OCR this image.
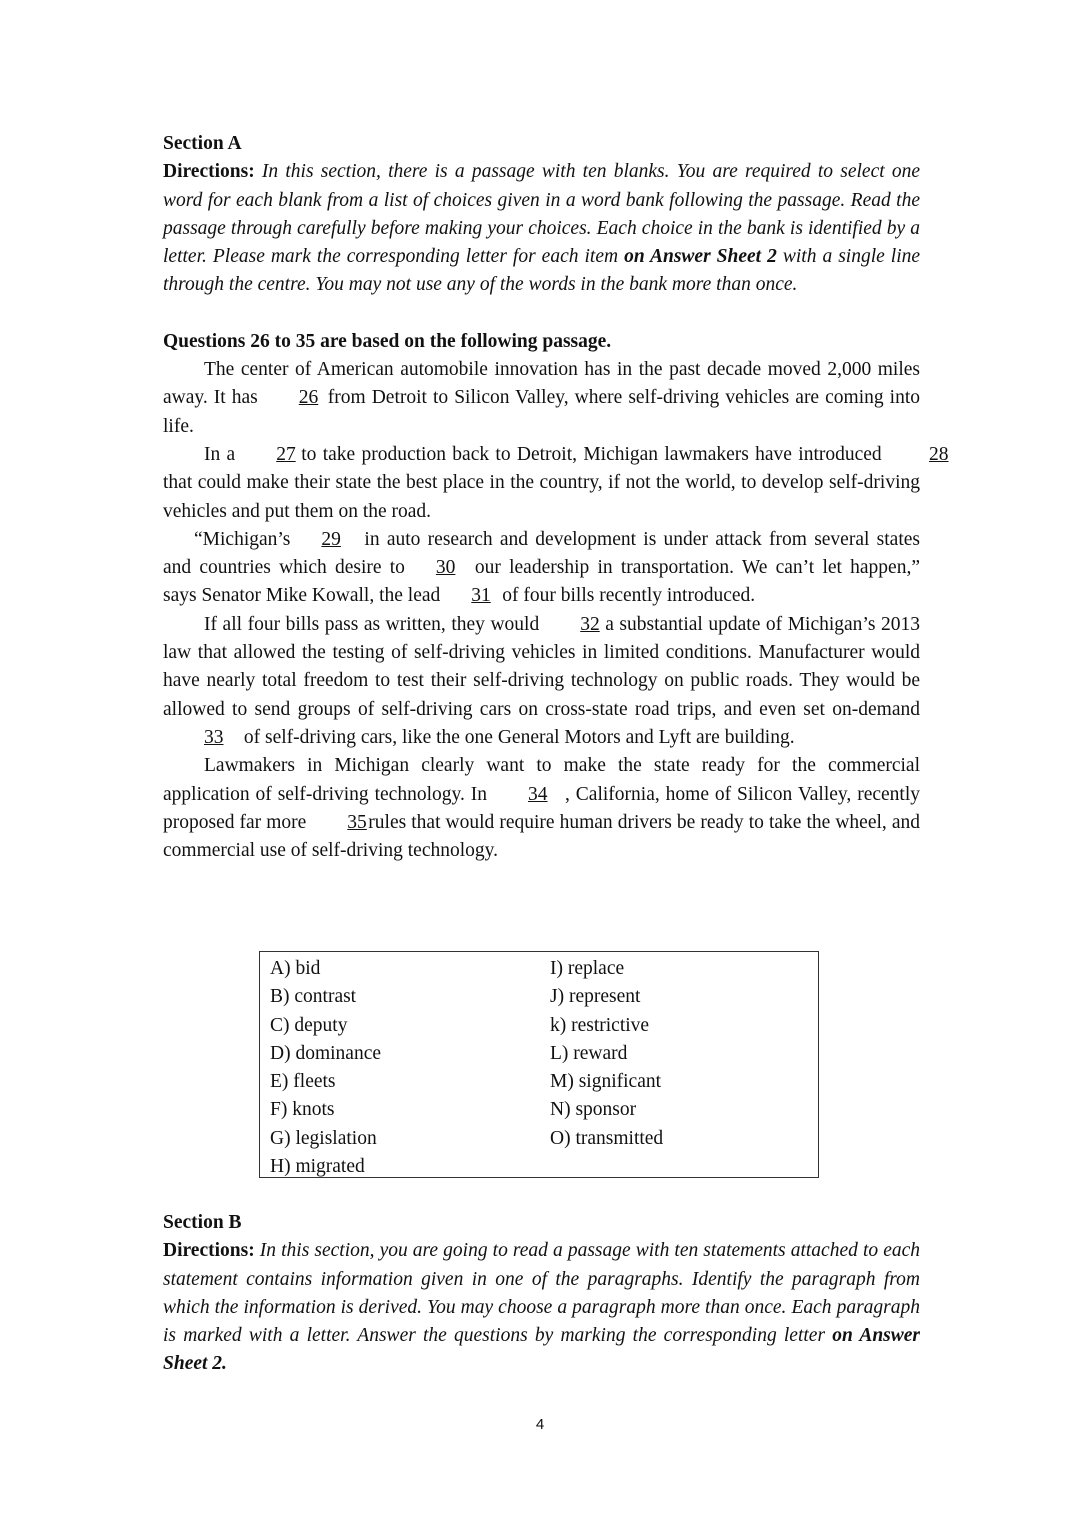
Section A

Directions: In this section, there is a passage with ten blanks. You are required to select one word for each blank from a list of choices given in a word bank following the passage. Read the passage through carefully before making your choices. Each choice in the bank is identified by a letter. Please mark the corresponding letter for each item on Answer Sheet 2 with a single line through the centre. You may not use any of the words in the bank more than once.

Questions 26 to 35 are based on the following passage.

The center of American automobile innovation has in the past decade moved 2,000 miles away. It has 26 from Detroit to Silicon Valley, where self-driving vehicles are coming into life.

In a 27 to take production back to Detroit, Michigan lawmakers have introduced 28 that could make their state the best place in the country, if not the world, to develop self-driving vehicles and put them on the road.

“Michigan’s 29 in auto research and development is under attack from several states and countries which desire to 30 our leadership in transportation. We can’t let happen,” says Senator Mike Kowall, the lead 31 of four bills recently introduced.

If all four bills pass as written, they would 32 a substantial update of Michigan’s 2013 law that allowed the testing of self-driving vehicles in limited conditions. Manufacturer would have nearly total freedom to test their self-driving technology on public roads. They would be allowed to send groups of self-driving cars on cross-state road trips, and even set on-demand33 of self-driving cars, like the one General Motors and Lyft are building.

Lawmakers in Michigan clearly want to make the state ready for the commercial application of self-driving technology. In 34 , California, home of Silicon Valley, recently proposed far more 35rules that would require human drivers be ready to take the wheel, and commercial use of self-driving technology.

A) bid
B) contrast
C) deputy
D) dominance
E) fleets
F) knots
G) legislation
H) migrated
I) replace
J) represent
k) restrictive
L) reward
M) significant
N) sponsor
O) transmitted

Section B

Directions: In this section, you are going to read a passage with ten statements attached to each statement contains information given in one of the paragraphs. Identify the paragraph from which the information is derived. You may choose a paragraph more than once. Each paragraph is marked with a letter. Answer the questions by marking the corresponding letter on Answer Sheet 2.

4
